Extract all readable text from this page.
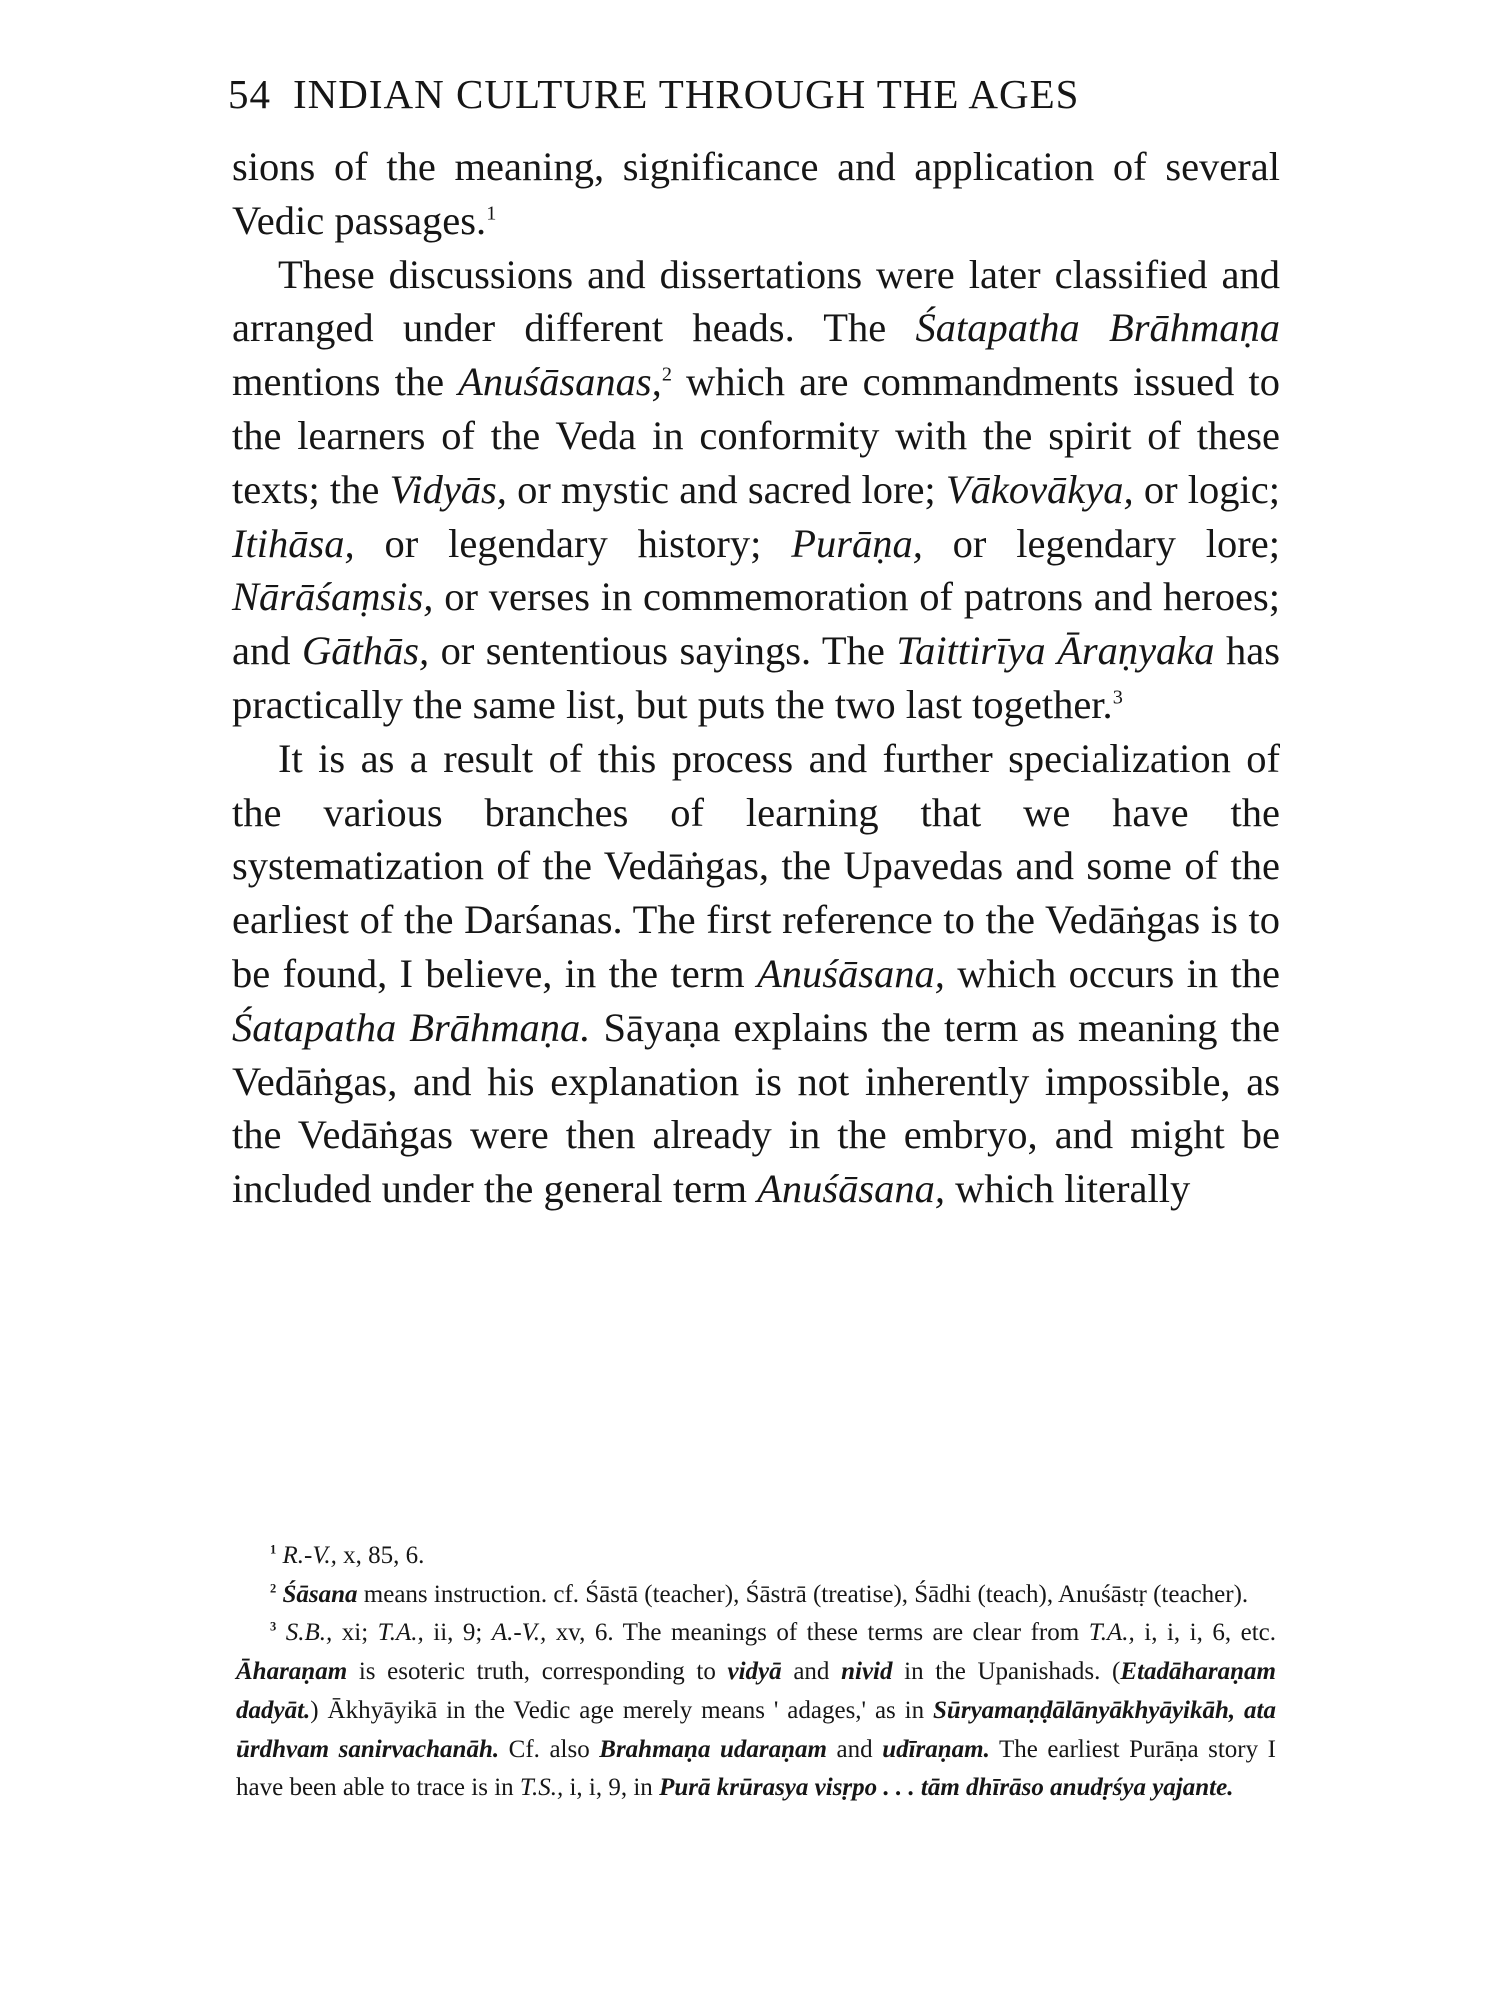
54 INDIAN CULTURE THROUGH THE AGES

sions of the meaning, significance and application of several Vedic passages.$^1$

These discussions and dissertations were later classified and arranged under different heads. The Śatapatha Brāhmaṇa mentions the Anuśāsanas,$^2$ which are commandments issued to the learners of the Veda in conformity with the spirit of these texts; the Vidyās, or mystic and sacred lore; Vākovākya, or logic; Itihāsa, or legendary history; Purāṇa, or legendary lore; Nārāśaṃsis, or verses in commemoration of patrons and heroes; and Gāthās, or sententious sayings. The Taittirīya Āraṇyaka has practically the same list, but puts the two last together.$^3$

It is as a result of this process and further specialization of the various branches of learning that we have the systematization of the Vedāṅgas, the Upavedas and some of the earliest of the Darśanas. The first reference to the Vedāṅgas is to be found, I believe, in the term Anuśāsana, which occurs in the Śatapatha Brāhmaṇa. Sāyaṇa explains the term as meaning the Vedāṅgas, and his explanation is not inherently impossible, as the Vedāṅgas were then already in the embryo, and might be included under the general term Anuśāsana, which literally

$^1$ R.-V., x, 85, 6.

$^2$ Śāsana means instruction. cf. Śāstā (teacher), Śāstrā (treatise), Śādhi (teach), Anuśāstṛ (teacher).

$^3$ S.B., xi; T.A., ii, 9; A.-V., xv, 6. The meanings of these terms are clear from T.A., i, i, i, 6, etc. Āharaṇam is esoteric truth, corresponding to vidyā and nivid in the Upanishads. (Etadāharaṇam dadyāt.) Ākhyāyikā in the Vedic age merely means ' adages,' as in Sūryamaṇḍālānyākhyāyikāh, ata ūrdhvam sanirvachanāh. Cf. also Brahmaṇa udaraṇam and udīraṇam. The earliest Purāṇa story I have been able to trace is in T.S., i, i, 9, in Purā krūrasya visṛpo . . . tām dhīrāso anudṛśya yajante.
